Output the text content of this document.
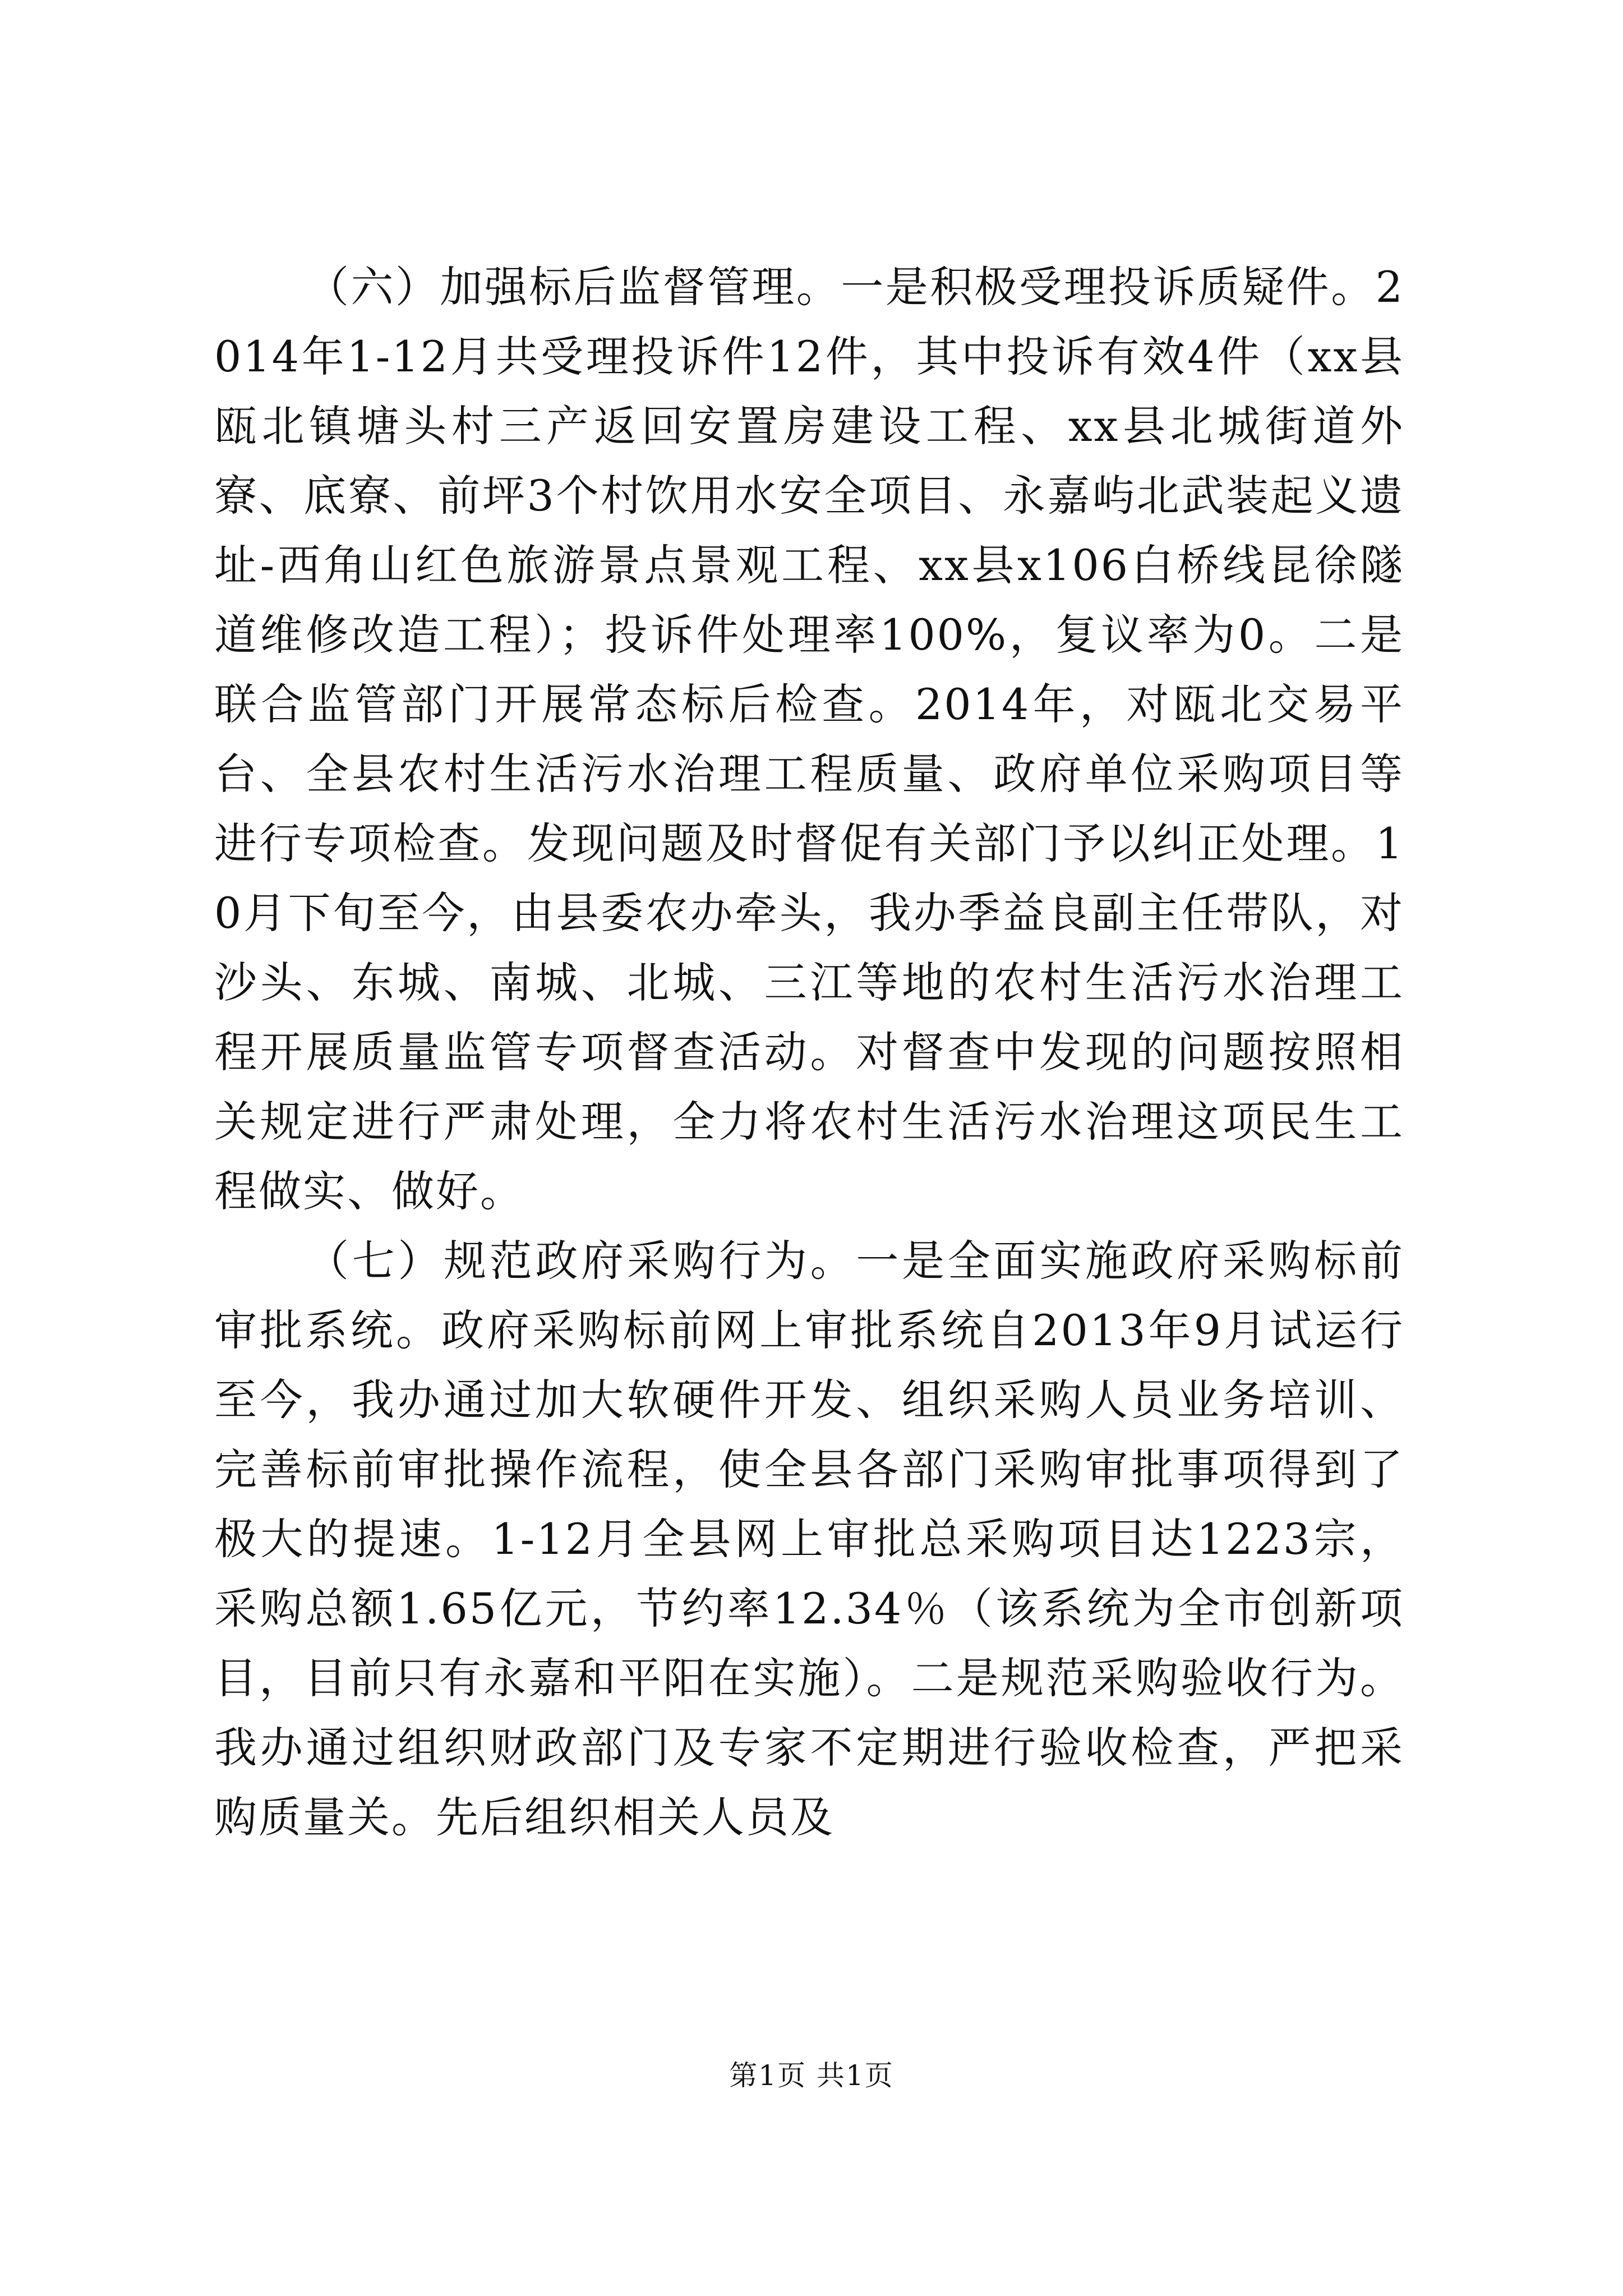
（六）加强标后监督管理。一是积极受理投诉质疑件。2014年1-12月共受理投诉件12件，其中投诉有效4件（xx县瓯北镇塘头村三产返回安置房建设工程、xx县北城街道外寮、底寮、前坪3个村饮用水安全项目、永嘉屿北武装起义遗址-西角山红色旅游景点景观工程、xx县x106白桥线昆徐隧道维修改造工程）；投诉件处理率100%，复议率为0。二是联合监管部门开展常态标后检查。2014年，对瓯北交易平台、全县农村生活污水治理工程质量、政府单位采购项目等进行专项检查。发现问题及时督促有关部门予以纠正处理。10月下旬至今，由县委农办牵头，我办季益良副主任带队，对沙头、东城、南城、北城、三江等地的农村生活污水治理工程开展质量监管专项督查活动。对督查中发现的问题按照相关规定进行严肃处理，全力将农村生活污水治理这项民生工程做实、做好。

（七）规范政府采购行为。一是全面实施政府采购标前审批系统。政府采购标前网上审批系统自2013年9月试运行至今，我办通过加大软硬件开发、组织采购人员业务培训、完善标前审批操作流程，使全县各部门采购审批事项得到了极大的提速。1-12月全县网上审批总采购项目达1223宗，采购总额1.65亿元，节约率12.34％（该系统为全市创新项目，目前只有永嘉和平阳在实施）。二是规范采购验收行为。我办通过组织财政部门及专家不定期进行验收检查，严把采购质量关。先后组织相关人员及

第1页 共1页
